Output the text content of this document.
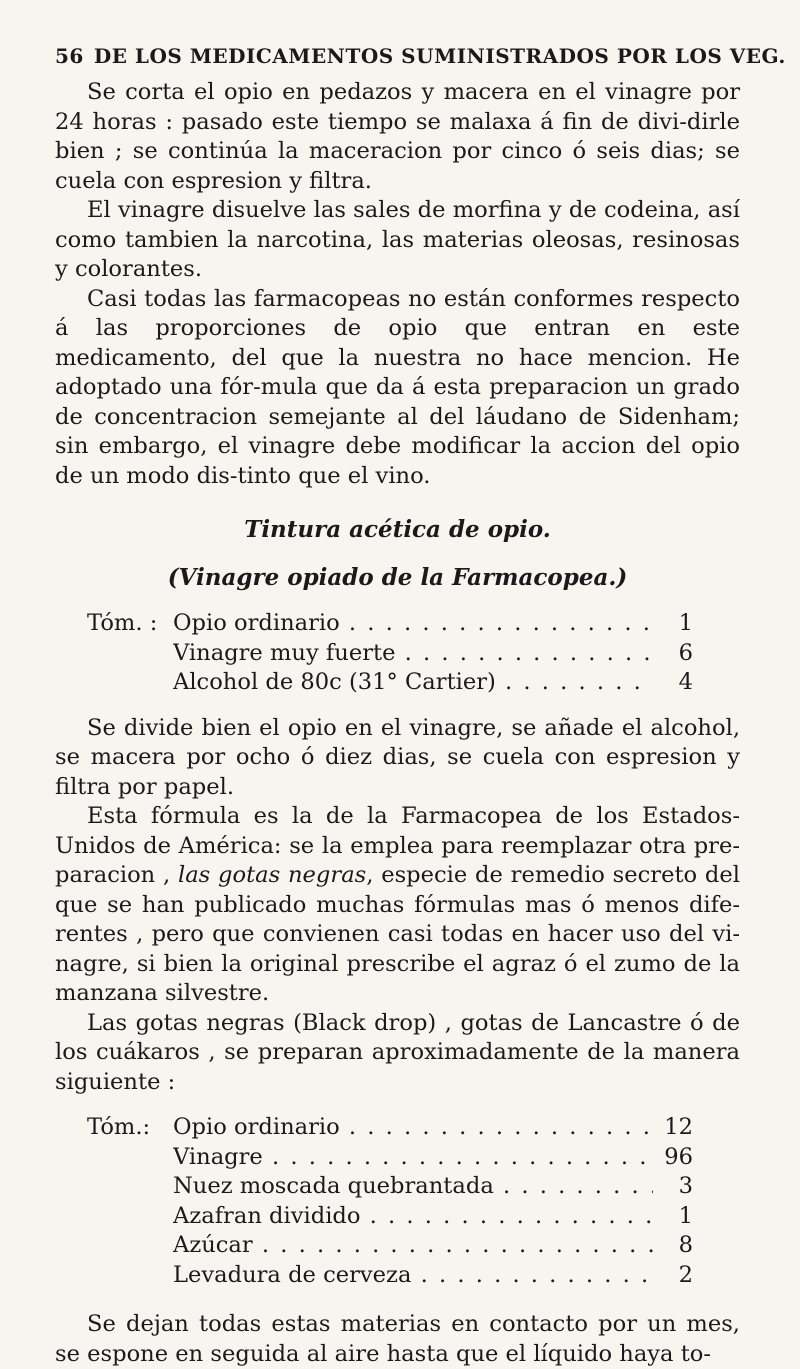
56 DE LOS MEDICAMENTOS SUMINISTRADOS POR LOS VEG.

Se corta el opio en pedazos y macera en el vinagre por 24 horas : pasado este tiempo se malaxa á fin de divi-dirle bien ; se continúa la maceracion por cinco ó seis dias; se cuela con espresion y filtra.

El vinagre disuelve las sales de morfina y de codeina, así como tambien la narcotina, las materias oleosas, resinosas y colorantes.

Casi todas las farmacopeas no están conformes respecto á las proporciones de opio que entran en este medicamento, del que la nuestra no hace mencion. He adoptado una fór-mula que da á esta preparacion un grado de concentracion semejante al del láudano de Sidenham; sin embargo, el vinagre debe modificar la accion del opio de un modo dis-tinto que el vino.

Tintura acética de opio.
(Vinagre opiado de la Farmacopea.)
Tóm. : Opio ordinario . . .	1
Vinagre muy fuerte . . .	6
Alcohol de 80c (31° Cartier) . . .	4

Se divide bien el opio en el vinagre, se añade el alcohol, se macera por ocho ó diez dias, se cuela con espresion y filtra por papel.

Esta fórmula es la de la Farmacopea de los Estados-Unidos de América: se la emplea para reemplazar otra pre-paracion , las gotas negras, especie de remedio secreto del que se han publicado muchas fórmulas mas ó menos dife-rentes , pero que convienen casi todas en hacer uso del vi-nagre, si bien la original prescribe el agraz ó el zumo de la manzana silvestre.

Las gotas negras (Black drop) , gotas de Lancastre ó de los cuákaros , se preparan aproximadamente de la manera siguiente :

Tóm.:	Opio ordinario . . .	12
Vinagre . . .	96
Nuez moscada quebrantada . . .	3
Azafran dividido . . .	1
Azúcar . . .	8
Levadura de cerveza . . .	2

Se dejan todas estas materias en contacto por un mes, se espone en seguida al aire hasta que el líquido haya to-
